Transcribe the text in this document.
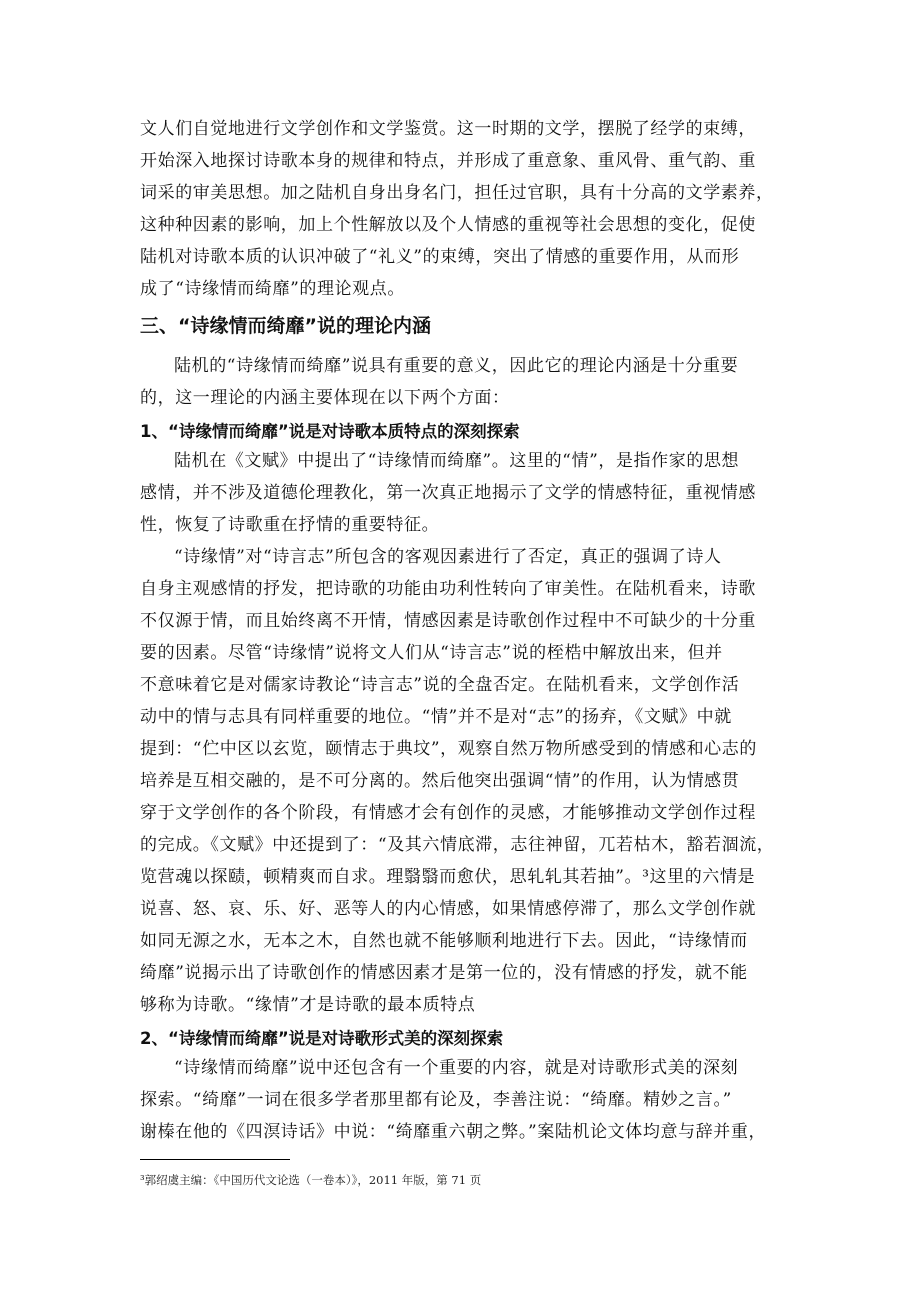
文人们自觉地进行文学创作和文学鉴赏。这一时期的文学，摆脱了经学的束缚，
开始深入地探讨诗歌本身的规律和特点，并形成了重意象、重风骨、重气韵、重
词采的审美思想。加之陆机自身出身名门，担任过官职，具有十分高的文学素养，
这种种因素的影响，加上个性解放以及个人情感的重视等社会思想的变化，促使
陆机对诗歌本质的认识冲破了“礼义”的束缚，突出了情感的重要作用，从而形
成了“诗缘情而绮靡”的理论观点。
三、“诗缘情而绮靡”说的理论内涵
陆机的“诗缘情而绮靡”说具有重要的意义，因此它的理论内涵是十分重要
的，这一理论的内涵主要体现在以下两个方面：
1、“诗缘情而绮靡”说是对诗歌本质特点的深刻探索
陆机在《文赋》中提出了“诗缘情而绮靡”。这里的“情”，是指作家的思想
感情，并不涉及道德伦理教化，第一次真正地揭示了文学的情感特征，重视情感
性，恢复了诗歌重在抒情的重要特征。
“诗缘情”对“诗言志”所包含的客观因素进行了否定，真正的强调了诗人
自身主观感情的抒发，把诗歌的功能由功利性转向了审美性。在陆机看来，诗歌
不仅源于情，而且始终离不开情，情感因素是诗歌创作过程中不可缺少的十分重
要的因素。尽管“诗缘情”说将文人们从“诗言志”说的桎梏中解放出来，但并
不意味着它是对儒家诗教论“诗言志”说的全盘否定。在陆机看来，文学创作活
动中的情与志具有同样重要的地位。“情”并不是对“志”的扬弃，《文赋》中就
提到：“伫中区以玄览，颐情志于典坟”，观察自然万物所感受到的情感和心志的
培养是互相交融的，是不可分离的。然后他突出强调“情”的作用，认为情感贯
穿于文学创作的各个阶段，有情感才会有创作的灵感，才能够推动文学创作过程
的完成。《文赋》中还提到了：“及其六情底滞，志往神留，兀若枯木，豁若涸流，
览营魂以探赜，顿精爽而自求。理翳翳而愈伏，思轧轧其若抽”。³这里的六情是
说喜、怒、哀、乐、好、恶等人的内心情感，如果情感停滞了，那么文学创作就
如同无源之水，无本之木，自然也就不能够顺利地进行下去。因此，“诗缘情而
绮靡”说揭示出了诗歌创作的情感因素才是第一位的，没有情感的抒发，就不能
够称为诗歌。“缘情”才是诗歌的最本质特点
2、“诗缘情而绮靡”说是对诗歌形式美的深刻探索
“诗缘情而绮靡”说中还包含有一个重要的内容，就是对诗歌形式美的深刻
探索。“绮靡”一词在很多学者那里都有论及，李善注说：“绮靡。精妙之言。”
谢榛在他的《四溟诗话》中说：“绮靡重六朝之弊。”案陆机论文体均意与辞并重，
³郭绍虞主编：《中国历代文论选（一卷本）》，2011 年版，第 71 页
